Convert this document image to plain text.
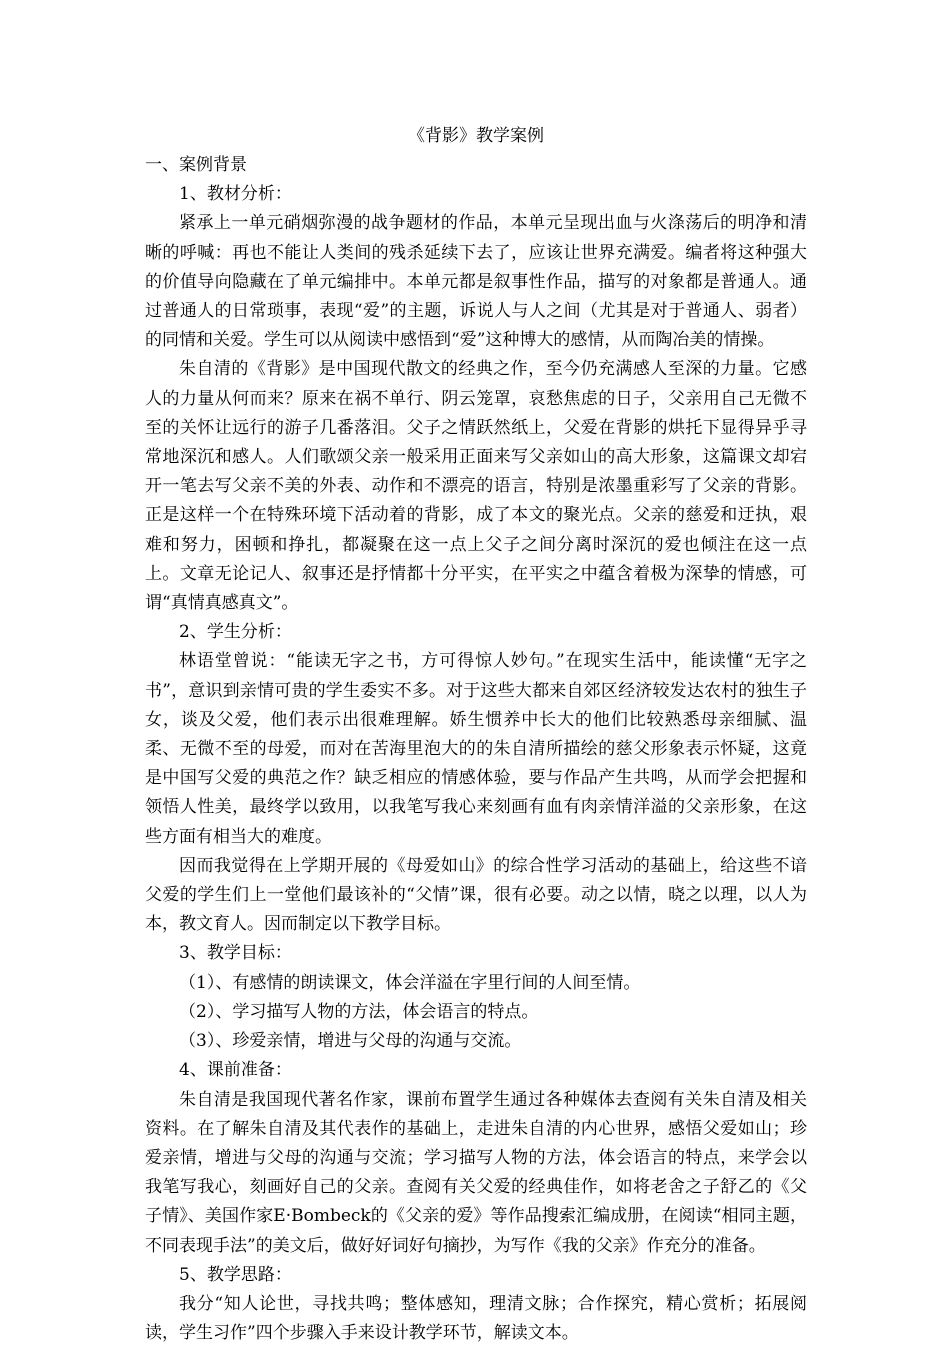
《背影》教学案例
一、案例背景
1、教材分析：

紧承上一单元硝烟弥漫的战争题材的作品，本单元呈现出血与火涤荡后的明净和清晰的呼喊：再也不能让人类间的残杀延续下去了，应该让世界充满爱。编者将这种强大的价值导向隐藏在了单元编排中。本单元都是叙事性作品，描写的对象都是普通人。通过普通人的日常琐事，表现“爱”的主题，诉说人与人之间（尤其是对于普通人、弱者）的同情和关爱。学生可以从阅读中感悟到“爱”这种博大的感情，从而陶冶美的情操。

朱自清的《背影》是中国现代散文的经典之作，至今仍充满感人至深的力量。它感人的力量从何而来？原来在祸不单行、阴云笼罩，哀愁焦虑的日子，父亲用自己无微不至的关怀让远行的游子几番落泪。父子之情跃然纸上，父爱在背影的烘托下显得异乎寻常地深沉和感人。人们歌颂父亲一般采用正面来写父亲如山的高大形象，这篇课文却宕开一笔去写父亲不美的外表、动作和不漂亮的语言，特别是浓墨重彩写了父亲的背影。正是这样一个在特殊环境下活动着的背影，成了本文的聚光点。父亲的慈爱和迂执，艰难和努力，困顿和挣扎，都凝聚在这一点上父子之间分离时深沉的爱也倾注在这一点上。文章无论记人、叙事还是抒情都十分平实，在平实之中蕴含着极为深挚的情感，可谓“真情真感真文”。

2、学生分析：

林语堂曾说：“能读无字之书，方可得惊人妙句。”在现实生活中，能读懂“无字之书”，意识到亲情可贵的学生委实不多。对于这些大都来自郊区经济较发达农村的独生子女，谈及父爱，他们表示出很难理解。娇生惯养中长大的他们比较熟悉母亲细腻、温柔、无微不至的母爱，而对在苦海里泡大的的朱自清所描绘的慈父形象表示怀疑，这竟是中国写父爱的典范之作？缺乏相应的情感体验，要与作品产生共鸣，从而学会把握和领悟人性美，最终学以致用，以我笔写我心来刻画有血有肉亲情洋溢的父亲形象，在这些方面有相当大的难度。

因而我觉得在上学期开展的《母爱如山》的综合性学习活动的基础上，给这些不谙父爱的学生们上一堂他们最该补的“父情”课，很有必要。动之以情，晓之以理，以人为本，教文育人。因而制定以下教学目标。

3、教学目标：
（1）、有感情的朗读课文，体会洋溢在字里行间的人间至情。
（2）、学习描写人物的方法，体会语言的特点。
（3）、珍爱亲情，增进与父母的沟通与交流。
4、课前准备：

朱自清是我国现代著名作家，课前布置学生通过各种媒体去查阅有关朱自清及相关资料。在了解朱自清及其代表作的基础上，走进朱自清的内心世界，感悟父爱如山；珍爱亲情，增进与父母的沟通与交流；学习描写人物的方法，体会语言的特点，来学会以我笔写我心，刻画好自己的父亲。查阅有关父爱的经典佳作，如将老舍之子舒乙的《父子情》、美国作家E·Bombeck的《父亲的爱》等作品搜索汇编成册，在阅读“相同主题，不同表现手法”的美文后，做好好词好句摘抄，为写作《我的父亲》作充分的准备。

5、教学思路：

我分“知人论世，寻找共鸣；整体感知，理清文脉；合作探究，精心赏析；拓展阅读，学生习作”四个步骤入手来设计教学环节，解读文本。
